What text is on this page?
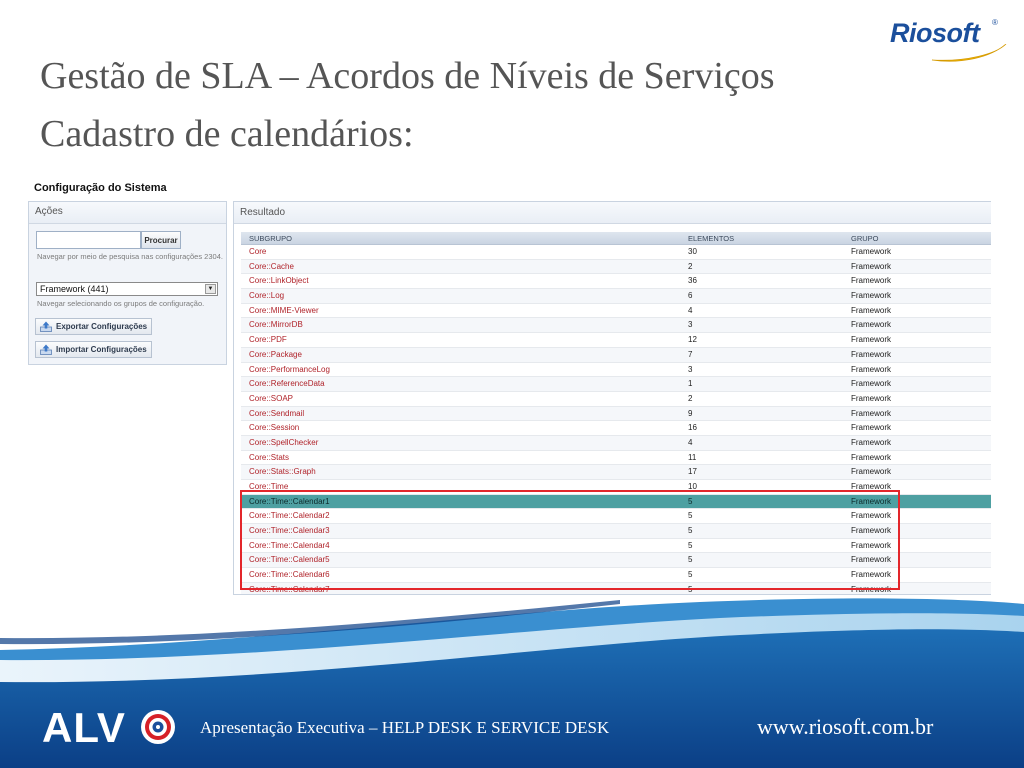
Riosoft ®
Gestão de SLA – Acordos de Níveis de Serviços
Cadastro de calendários:
Configuração do Sistema
Ações
Procurar
Navegar por meio de pesquisa nas configurações 2304.
Framework (441)	▼
Navegar selecionando os grupos de configuração.
Exportar Configurações
Importar Configurações
Resultado
SUBGRUPO	ELEMENTOS	GRUPO
Core	30	Framework
Core::Cache	2	Framework
Core::LinkObject	36	Framework
Core::Log	6	Framework
Core::MIME-Viewer	4	Framework
Core::MirrorDB	3	Framework
Core::PDF	12	Framework
Core::Package	7	Framework
Core::PerformanceLog	3	Framework
Core::ReferenceData	1	Framework
Core::SOAP	2	Framework
Core::Sendmail	9	Framework
Core::Session	16	Framework
Core::SpellChecker	4	Framework
Core::Stats	11	Framework
Core::Stats::Graph	17	Framework
Core::Time	10	Framework
Core::Time::Calendar1	5	Framework
Core::Time::Calendar2	5	Framework
Core::Time::Calendar3	5	Framework
Core::Time::Calendar4	5	Framework
Core::Time::Calendar5	5	Framework
Core::Time::Calendar6	5	Framework
Core::Time::Calendar7	5	Framework
ALV	Apresentação Executiva – HELP DESK E SERVICE DESK	www.riosoft.com.br
